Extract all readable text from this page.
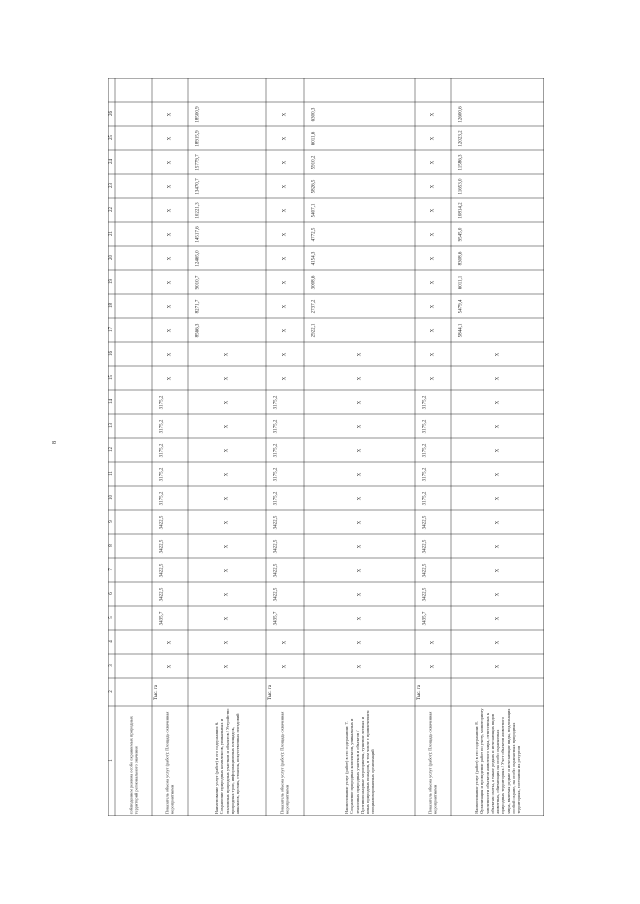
8
1
2
3
4
5
6
7
8
9
10
11
12
13
14
15
16
17
18
19
20
21
22
23
24
25
26
соблюдением режима особо охраняемых природных территорий регионального значения	Показатель объема услуг (работ): Площадь охваченная мероприятиями
Тыс. га
X
X
3435,7
3422,5
3422,5
3422,5
3422,5
3175,2
3175,2
3175,2
3175,2
3175,2
X
X
X
X
X
X
X
X
X
X
X
X
Наименование услуг (работ) в его содержании: 6. Сохранение природных комплексов, уникальных и эталонных природных участков и объектов / Устройство природных троп, информационных площадок, аншлагов, прочих, стоянок, искусственных гнездовий
X
X
X
X
X
X
X
X
X
X
X
X
X
X
8566,3
8271,7
9010,7
12465,0
14517,6
10221,3
13470,7
15779,7
18915,9
18500,9
Показатель объема услуг (работ): Площадь охваченная мероприятиями
Тыс. га
X
X
3435,7
3422,5
3422,5
3422,5
3422,5
3175,2
3175,2
3175,2
3175,2
3175,2
X
X
X
X
X
X
X
X
X
X
X
X
Наименование услуг (работ) в его содержании: 7. Сохранение природных комплексов, уникальных и эталонных природных участков и объектов / Противопожарные мероприятия, тушение лесных и иных природных пожаров, в том числе с привлечением специализированных организаций
X
X
X
X
X
X
X
X
X
X
X
X
X
X
2922,1
2737,2
3008,6
4154,3
4772,5
5407,1
5826,5
5910,2
6011,6
6300,3
Показатель объема услуг (работ): Площадь охваченная мероприятиями
Тыс. га
X
X
3435,7
3422,5
3422,5
3422,5
3422,5
3175,2
3175,2
3175,2
3175,2
3175,2
X
X
X
X
X
X
X
X
X
X
X
X
Наименование услуг (работ) в его содержании: 8. Организация и проведение работ по учету, мониторингу численности объектов животного мира, отнесенных к объектам охоты, а также редких и исчезающих видов животных, обитающих на особо охраняемых природных территориях / Учет объектов животного мира, включая редкие и исчезающие виды, подлежащих особой охране, на особо охраняемых природных территориях, состояния их ресурсов
X
X
X
X
X
X
X
X
X
X
X
X
X
X
5844,1
5479,4
6011,1
8308,6
9545,0
10814,2
11653,0
11586,3
12023,2
12600,6
